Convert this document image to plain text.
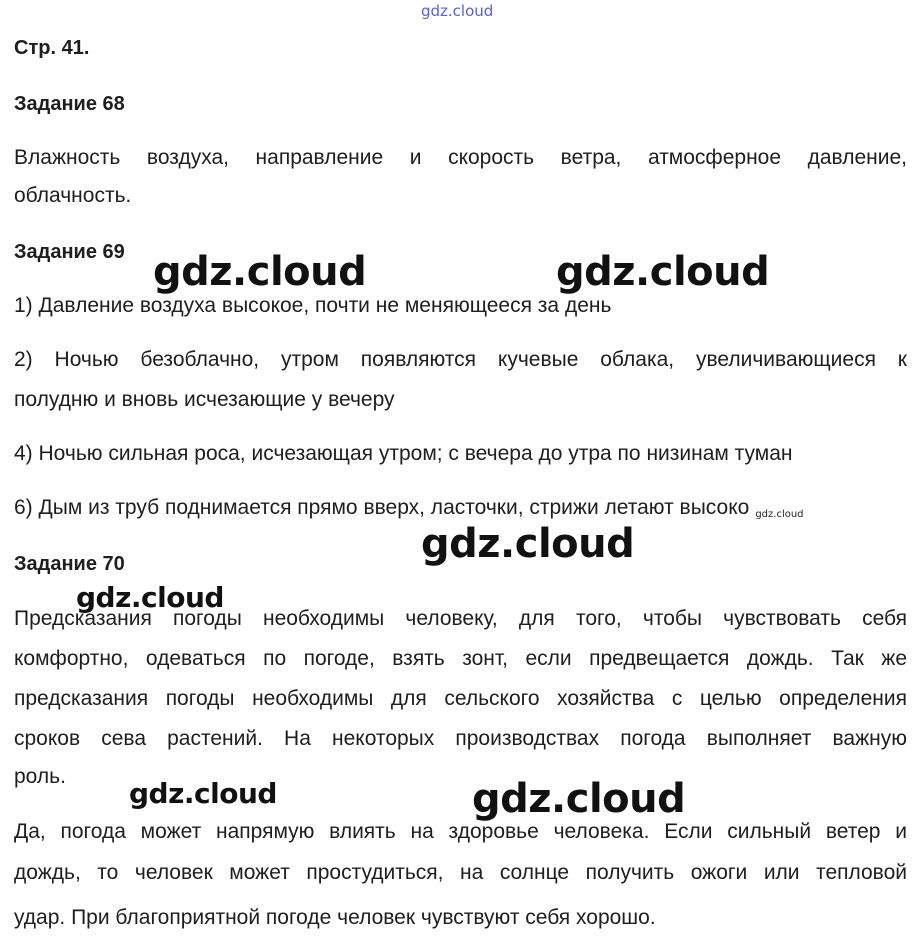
gdz.cloud
Стр. 41.
Задание 68
Влажность воздуха, направление и скорость ветра, атмосферное давление,
облачность.
Задание 69
1) Давление воздуха высокое, почти не меняющееся за день
2) Ночью безоблачно, утром появляются кучевые облака, увеличивающиеся к
полудню и вновь исчезающие у вечеру
4) Ночью сильная роса, исчезающая утром; с вечера до утра по низинам туман
6) Дым из труб поднимается прямо вверх, ласточки, стрижи летают высоко gdz.cloud
Задание 70
Предсказания погоды необходимы человеку, для того, чтобы чувствовать себя
комфортно, одеваться по погоде, взять зонт, если предвещается дождь. Так же
предсказания погоды необходимы для сельского хозяйства с целью определения
сроков сева растений. На некоторых производствах погода выполняет важную
роль.
Да, погода может напрямую влиять на здоровье человека. Если сильный ветер и
дождь, то человек может простудиться, на солнце получить ожоги или тепловой
удар. При благоприятной погоде человек чувствуют себя хорошо.
gdz.cloud	gdz.cloud
gdz.cloud
gdz.cloud
gdz.cloud	gdz.cloud
